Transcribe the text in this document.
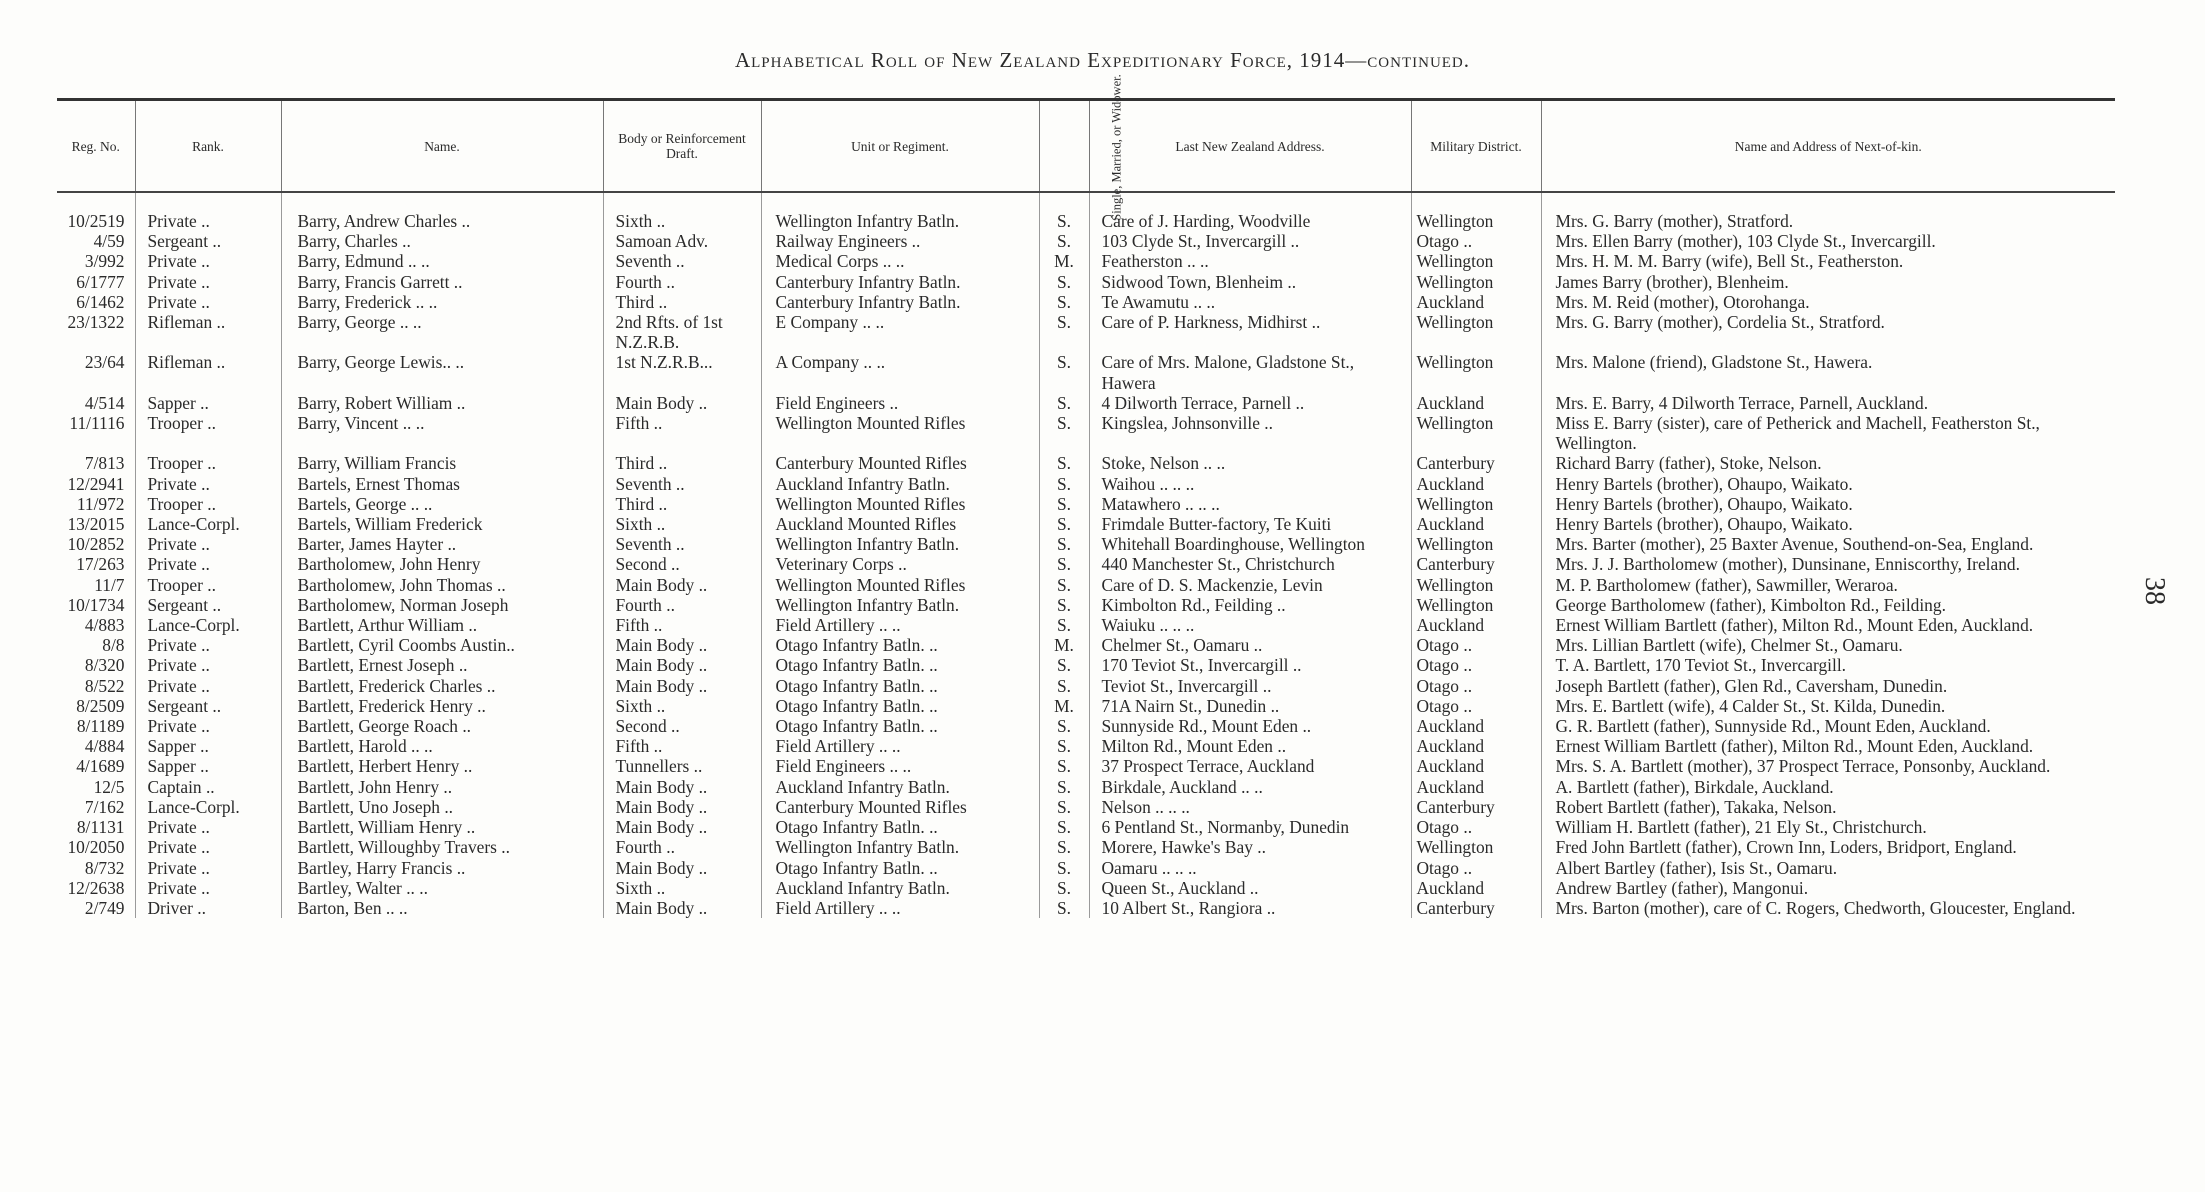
Alphabetical Roll of New Zealand Expeditionary Force, 1914—continued.
38
Reg. No.	Rank.	Name.	Body or Reinforcement Draft.	Unit or Regiment.	Single, Married, or Widower.	Last New Zealand Address.	Military District.	Name and Address of Next-of-kin.
10/2519	Private ..	Barry, Andrew Charles ..	Sixth ..	Wellington Infantry Batln.	S.	Care of J. Harding, Woodville	Wellington	Mrs. G. Barry (mother), Stratford.
4/59	Sergeant ..	Barry, Charles ..	Samoan Adv.	Railway Engineers ..	S.	103 Clyde St., Invercargill ..	Otago ..	Mrs. Ellen Barry (mother), 103 Clyde St., Invercargill.
3/992	Private ..	Barry, Edmund .. ..	Seventh ..	Medical Corps .. ..	M.	Featherston .. ..	Wellington	Mrs. H. M. M. Barry (wife), Bell St., Featherston.
6/1777	Private ..	Barry, Francis Garrett ..	Fourth ..	Canterbury Infantry Batln.	S.	Sidwood Town, Blenheim ..	Wellington	James Barry (brother), Blenheim.
6/1462	Private ..	Barry, Frederick .. ..	Third ..	Canterbury Infantry Batln.	S.	Te Awamutu .. ..	Auckland	Mrs. M. Reid (mother), Otorohanga.
23/1322	Rifleman ..	Barry, George .. ..	2nd Rfts. of 1st N.Z.R.B.	E Company .. ..	S.	Care of P. Harkness, Midhirst ..	Wellington	Mrs. G. Barry (mother), Cordelia St., Stratford.
23/64	Rifleman ..	Barry, George Lewis.. ..	1st N.Z.R.B...	A Company .. ..	S.	Care of Mrs. Malone, Gladstone St., Hawera	Wellington	Mrs. Malone (friend), Gladstone St., Hawera.
4/514	Sapper ..	Barry, Robert William ..	Main Body ..	Field Engineers ..	S.	4 Dilworth Terrace, Parnell ..	Auckland	Mrs. E. Barry, 4 Dilworth Terrace, Parnell, Auckland.
11/1116	Trooper ..	Barry, Vincent .. ..	Fifth ..	Wellington Mounted Rifles	S.	Kingslea, Johnsonville ..	Wellington	Miss E. Barry (sister), care of Petherick and Machell, Featherston St., Wellington.
7/813	Trooper ..	Barry, William Francis	Third ..	Canterbury Mounted Rifles	S.	Stoke, Nelson .. ..	Canterbury	Richard Barry (father), Stoke, Nelson.
12/2941	Private ..	Bartels, Ernest Thomas	Seventh ..	Auckland Infantry Batln.	S.	Waihou .. .. ..	Auckland	Henry Bartels (brother), Ohaupo, Waikato.
11/972	Trooper ..	Bartels, George .. ..	Third ..	Wellington Mounted Rifles	S.	Matawhero .. .. ..	Wellington	Henry Bartels (brother), Ohaupo, Waikato.
13/2015	Lance-Corpl.	Bartels, William Frederick	Sixth ..	Auckland Mounted Rifles	S.	Frimdale Butter-factory, Te Kuiti	Auckland	Henry Bartels (brother), Ohaupo, Waikato.
10/2852	Private ..	Barter, James Hayter ..	Seventh ..	Wellington Infantry Batln.	S.	Whitehall Boardinghouse, Wellington	Wellington	Mrs. Barter (mother), 25 Baxter Avenue, Southend-on-Sea, England.
17/263	Private ..	Bartholomew, John Henry	Second ..	Veterinary Corps ..	S.	440 Manchester St., Christchurch	Canterbury	Mrs. J. J. Bartholomew (mother), Dunsinane, Enniscorthy, Ireland.
11/7	Trooper ..	Bartholomew, John Thomas ..	Main Body ..	Wellington Mounted Rifles	S.	Care of D. S. Mackenzie, Levin	Wellington	M. P. Bartholomew (father), Sawmiller, Weraroa.
10/1734	Sergeant ..	Bartholomew, Norman Joseph	Fourth ..	Wellington Infantry Batln.	S.	Kimbolton Rd., Feilding ..	Wellington	George Bartholomew (father), Kimbolton Rd., Feilding.
4/883	Lance-Corpl.	Bartlett, Arthur William ..	Fifth ..	Field Artillery .. ..	S.	Waiuku .. .. ..	Auckland	Ernest William Bartlett (father), Milton Rd., Mount Eden, Auckland.
8/8	Private ..	Bartlett, Cyril Coombs Austin..	Main Body ..	Otago Infantry Batln. ..	M.	Chelmer St., Oamaru ..	Otago ..	Mrs. Lillian Bartlett (wife), Chelmer St., Oamaru.
8/320	Private ..	Bartlett, Ernest Joseph ..	Main Body ..	Otago Infantry Batln. ..	S.	170 Teviot St., Invercargill ..	Otago ..	T. A. Bartlett, 170 Teviot St., Invercargill.
8/522	Private ..	Bartlett, Frederick Charles ..	Main Body ..	Otago Infantry Batln. ..	S.	Teviot St., Invercargill ..	Otago ..	Joseph Bartlett (father), Glen Rd., Caversham, Dunedin.
8/2509	Sergeant ..	Bartlett, Frederick Henry ..	Sixth ..	Otago Infantry Batln. ..	M.	71A Nairn St., Dunedin ..	Otago ..	Mrs. E. Bartlett (wife), 4 Calder St., St. Kilda, Dunedin.
8/1189	Private ..	Bartlett, George Roach ..	Second ..	Otago Infantry Batln. ..	S.	Sunnyside Rd., Mount Eden ..	Auckland	G. R. Bartlett (father), Sunnyside Rd., Mount Eden, Auckland.
4/884	Sapper ..	Bartlett, Harold .. ..	Fifth ..	Field Artillery .. ..	S.	Milton Rd., Mount Eden ..	Auckland	Ernest William Bartlett (father), Milton Rd., Mount Eden, Auckland.
4/1689	Sapper ..	Bartlett, Herbert Henry ..	Tunnellers ..	Field Engineers .. ..	S.	37 Prospect Terrace, Auckland	Auckland	Mrs. S. A. Bartlett (mother), 37 Prospect Terrace, Ponsonby, Auckland.
12/5	Captain ..	Bartlett, John Henry ..	Main Body ..	Auckland Infantry Batln.	S.	Birkdale, Auckland .. ..	Auckland	A. Bartlett (father), Birkdale, Auckland.
7/162	Lance-Corpl.	Bartlett, Uno Joseph ..	Main Body ..	Canterbury Mounted Rifles	S.	Nelson .. .. ..	Canterbury	Robert Bartlett (father), Takaka, Nelson.
8/1131	Private ..	Bartlett, William Henry ..	Main Body ..	Otago Infantry Batln. ..	S.	6 Pentland St., Normanby, Dunedin	Otago ..	William H. Bartlett (father), 21 Ely St., Christchurch.
10/2050	Private ..	Bartlett, Willoughby Travers ..	Fourth ..	Wellington Infantry Batln.	S.	Morere, Hawke's Bay ..	Wellington	Fred John Bartlett (father), Crown Inn, Loders, Bridport, England.
8/732	Private ..	Bartley, Harry Francis ..	Main Body ..	Otago Infantry Batln. ..	S.	Oamaru .. .. ..	Otago ..	Albert Bartley (father), Isis St., Oamaru.
12/2638	Private ..	Bartley, Walter .. ..	Sixth ..	Auckland Infantry Batln.	S.	Queen St., Auckland ..	Auckland	Andrew Bartley (father), Mangonui.
2/749	Driver ..	Barton, Ben .. ..	Main Body ..	Field Artillery .. ..	S.	10 Albert St., Rangiora ..	Canterbury	Mrs. Barton (mother), care of C. Rogers, Chedworth, Gloucester, England.
